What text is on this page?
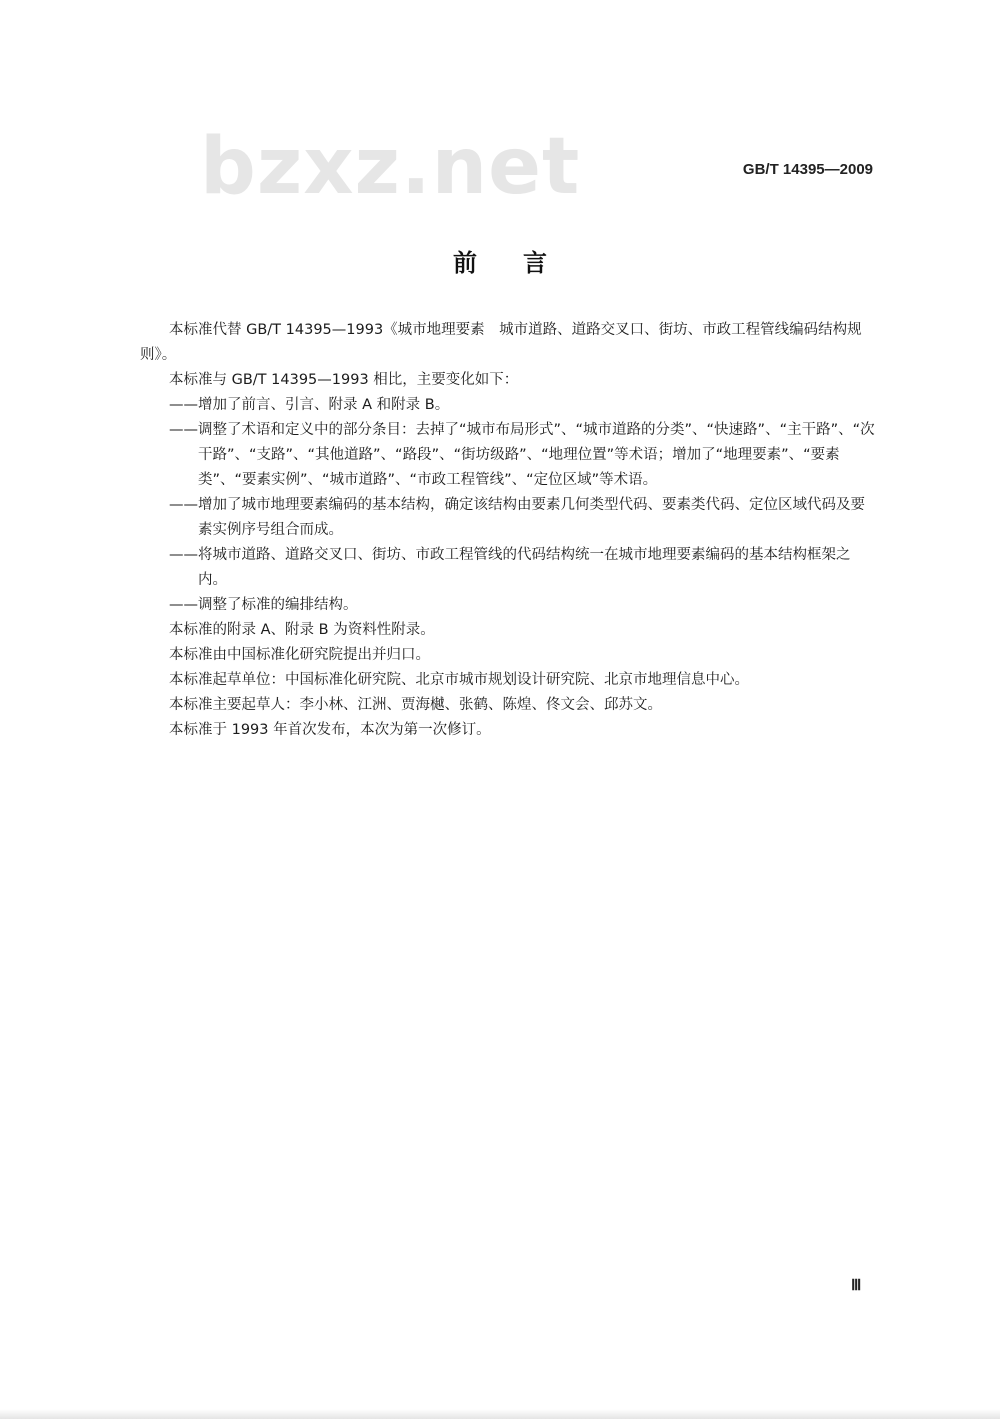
bzxz.net	GB/T 14395—2009
前言

本标准代替 GB/T 14395—1993《城市地理要素　城市道路、道路交叉口、街坊、市政工程管线编码结构规则》。

本标准与 GB/T 14395—1993 相比，主要变化如下：

——增加了前言、引言、附录 A 和附录 B。

——调整了术语和定义中的部分条目：去掉了“城市布局形式”、“城市道路的分类”、“快速路”、“主干路”、“次干路”、“支路”、“其他道路”、“路段”、“街坊级路”、“地理位置”等术语；增加了“地理要素”、“要素类”、“要素实例”、“城市道路”、“市政工程管线”、“定位区域”等术语。

——增加了城市地理要素编码的基本结构，确定该结构由要素几何类型代码、要素类代码、定位区域代码及要素实例序号组合而成。

——将城市道路、道路交叉口、街坊、市政工程管线的代码结构统一在城市地理要素编码的基本结构框架之内。

——调整了标准的编排结构。

本标准的附录 A、附录 B 为资料性附录。

本标准由中国标准化研究院提出并归口。

本标准起草单位：中国标准化研究院、北京市城市规划设计研究院、北京市地理信息中心。

本标准主要起草人：李小林、江洲、贾海樾、张鹤、陈煌、佟文会、邱苏文。

本标准于 1993 年首次发布，本次为第一次修订。

Ⅲ
